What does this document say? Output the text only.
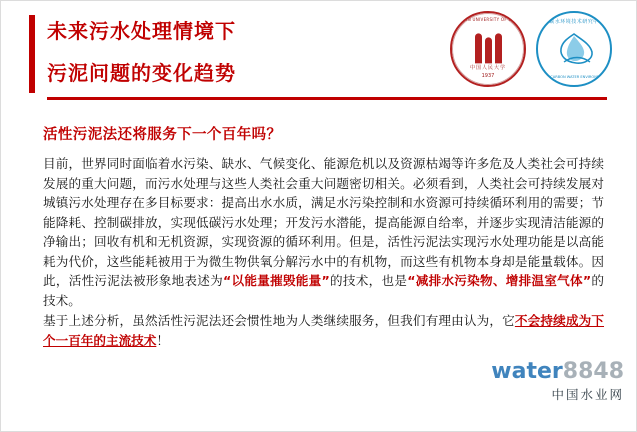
未来污水处理情境下
污泥问题的变化趋势
RENMIN UNIVERSITY OF CHINA
中国人民大学
1937
低碳水环境技术研究中心
LOW CARBON WATER ENVIRONMENT
活性污泥法还将服务下一个百年吗？
目前，世界同时面临着水污染、缺水、气候变化、能源危机以及资源枯竭等许多危及人类社会可持续发展的重大问题，而污水处理与这些人类社会重大问题密切相关。必须看到，人类社会可持续发展对城镇污水处理存在多目标要求：提高出水水质，满足水污染控制和水资源可持续循环利用的需要；节能降耗、控制碳排放，实现低碳污水处理；开发污水潜能，提高能源自给率，并逐步实现清洁能源的净输出；回收有机和无机资源，实现资源的循环利用。但是，活性污泥法实现污水处理功能是以高能耗为代价，这些能耗被用于为微生物供氧分解污水中的有机物，而这些有机物本身却是能量载体。因此，活性污泥法被形象地表述为“以能量摧毁能量”的技术，也是“减排水污染物、增排温室气体”的技术。
基于上述分析，虽然活性污泥法还会惯性地为人类继续服务，但我们有理由认为，它不会持续成为下个一百年的主流技术！
water8848
中国水业网
